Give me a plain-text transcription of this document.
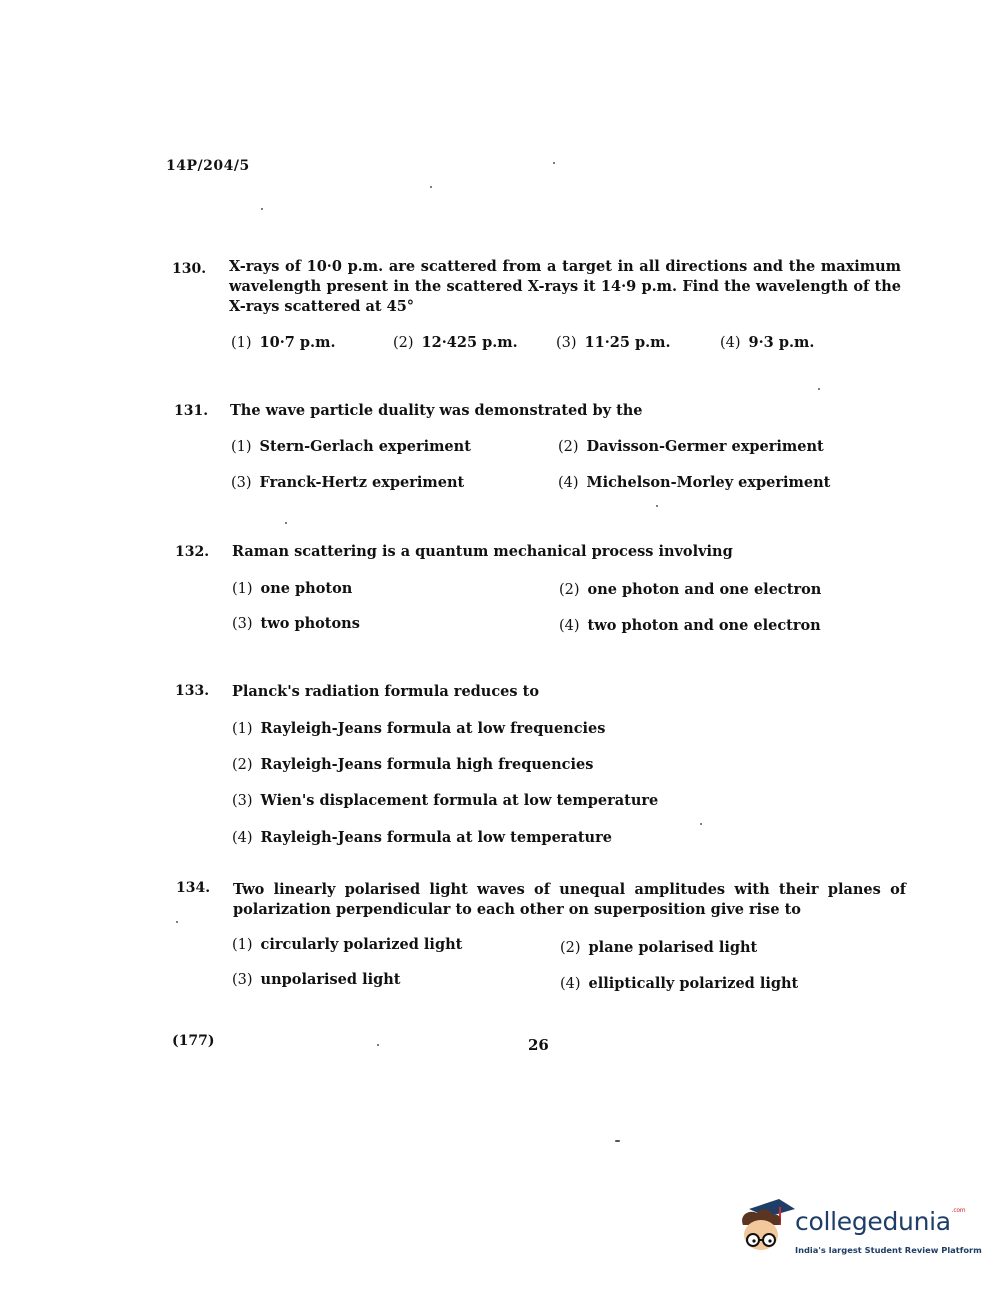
14P/204/5
130. X-rays of 10·0 p.m. are scattered from a target in all directions and the maximum wavelength present in the scattered X-rays it 14·9 p.m. Find the wavelength of the X-rays scattered at 45°
(1) 10·7 p.m.	(2) 12·425 p.m.	(3) 11·25 p.m.	(4) 9·3 p.m.
131. The wave particle duality was demonstrated by the
(1) Stern-Gerlach experiment	(2) Davisson-Germer experiment
(3) Franck-Hertz experiment	(4) Michelson-Morley experiment
132. Raman scattering is a quantum mechanical process involving
(1) one photon	(2) one photon and one electron
(3) two photons	(4) two photon and one electron
133. Planck's radiation formula reduces to
(1) Rayleigh-Jeans formula at low frequencies
(2) Rayleigh-Jeans formula high frequencies
(3) Wien's displacement formula at low temperature
(4) Rayleigh-Jeans formula at low temperature
134. Two linearly polarised light waves of unequal amplitudes with their planes of polarization perpendicular to each other on superposition give rise to
(1) circularly polarized light	(2) plane polarised light
(3) unpolarised light	(4) elliptically polarized light
(177)	26
collegedunia$^{.com}$
India's largest Student Review Platform
